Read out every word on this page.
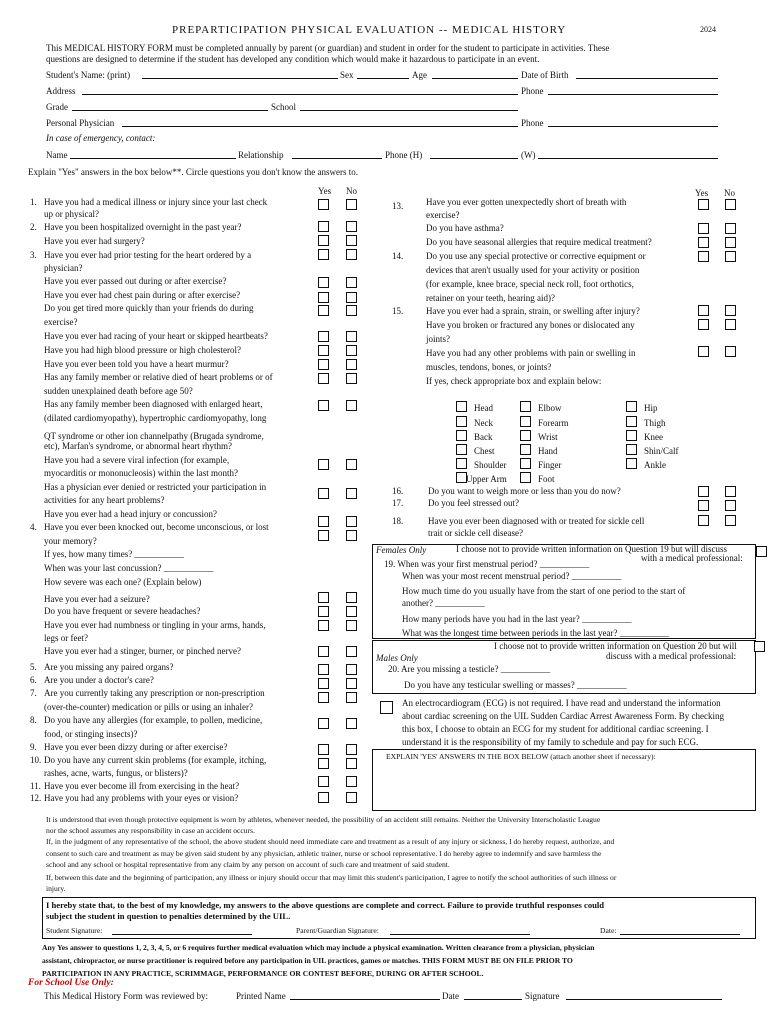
PREPARTICIPATION PHYSICAL EVALUATION -- MEDICAL HISTORY	2024
This MEDICAL HISTORY FORM must be completed annually by parent (or guardian) and student in order for the student to participate in activities. These
questions are designed to determine if the student has developed any condition which would make it hazardous to participate in an event.
Student's Name: (print)	Sex	Age	Date of Birth
Address	Phone
Grade	School
Personal Physician	Phone
In case of emergency, contact:
Name	Relationship	Phone (H)	(W)
Explain "Yes" answers in the box below**. Circle questions you don't know the answers to.
Yes No	Yes No
1. Have you had a medical illness or injury since your last check
up or physical?
2. Have you been hospitalized overnight in the past year?
Have you ever had surgery?
3. Have you ever had prior testing for the heart ordered by a
physician?
Have you ever passed out during or after exercise?
Have you ever had chest pain during or after exercise?
Do you get tired more quickly than your friends do during
exercise?
Have you ever had racing of your heart or skipped heartbeats?
Have you had high blood pressure or high cholesterol?
Have you ever been told you have a heart murmur?
Has any family member or relative died of heart problems or of
sudden unexplained death before age 50?
Has any family member been diagnosed with enlarged heart,
(dilated cardiomyopathy), hypertrophic cardiomyopathy, long
QT syndrome or other ion channelpathy (Brugada syndrome,
etc), Marfan's syndrome, or abnormal heart rhythm?
Have you had a severe viral infection (for example,
myocarditis or mononucleosis) within the last month?
Has a physician ever denied or restricted your participation in
activities for any heart problems?
Have you ever had a head injury or concussion?
4. Have you ever been knocked out, become unconscious, or lost
your memory?
If yes, how many times? ___________
When was your last concussion? ___________
How severe was each one? (Explain below)
Have you ever had a seizure?
Do you have frequent or severe headaches?
Have you ever had numbness or tingling in your arms, hands,
legs or feet?
Have you ever had a stinger, burner, or pinched nerve?
5. Are you missing any paired organs?
6. Are you under a doctor's care?
7. Are you currently taking any prescription or non-prescription
(over-the-counter) medication or pills or using an inhaler?
8. Do you have any allergies (for example, to pollen, medicine,
food, or stinging insects)?
9. Have you ever been dizzy during or after exercise?
10. Do you have any current skin problems (for example, itching,
rashes, acne, warts, fungus, or blisters)?
11. Have you ever become ill from exercising in the heat?
12. Have you had any problems with your eyes or vision?
13.	Have you ever gotten unexpectedly short of breath with
exercise?
Do you have asthma?
Do you have seasonal allergies that require medical treatment?
14.	Do you use any special protective or corrective equipment or
devices that aren't usually used for your activity or position
(for example, knee brace, special neck roll, foot orthotics,
retainer on your teeth, hearing aid)?
15.	Have you ever had a sprain, strain, or swelling after injury?
Have you broken or fractured any bones or dislocated any
joints?
Have you had any other problems with pain or swelling in
muscles, tendons, bones, or joints?
If yes, check appropriate box and explain below:
16.	Do you want to weigh more or less than you do now?
17.	Do you feel stressed out?
18.	Have you ever been diagnosed with or treated for sickle cell
trait or sickle cell disease?
Head	Elbow	Hip
Neck	Forearm	Thigh
Back	Wrist	Knee
Chest	Hand	Shin/Calf
Shoulder	Finger	Ankle
Upper Arm	Foot
Females Only	I choose not to provide written information on Question 19 but will discuss
with a medical professional:
19. When was your first menstrual period? ___________
When was your most recent menstrual period? ___________
How much time do you usually have from the start of one period to the start of
another? ___________
How many periods have you had in the last year? ___________
What was the longest time between periods in the last year? ___________
I choose not to provide written information on Question 20 but will
discuss with a medical professional:
Males Only
20. Are you missing a testicle? ___________
Do you have any testicular swelling or masses? ___________
An electrocardiogram (ECG) is not required. I have read and understand the information
about cardiac screening on the UIL Sudden Cardiac Arrest Awareness Form. By checking
this box, I choose to obtain an ECG for my student for additional cardiac screening. I
understand it is the responsibility of my family to schedule and pay for such ECG.
EXPLAIN 'YES' ANSWERS IN THE BOX BELOW (attach another sheet if necessary):
It is understood that even though protective equipment is worn by athletes, whenever needed, the possibility of an accident still remains. Neither the University Interscholastic League
nor the school assumes any responsibility in case an accident occurs.
If, in the judgment of any representative of the school, the above student should need immediate care and treatment as a result of any injury or sickness, I do hereby request, authorize, and
consent to such care and treatment as may be given said student by any physician, athletic trainer, nurse or school representative. I do hereby agree to indemnify and save harmless the
school and any school or hospital representative from any claim by any person on account of such care and treatment of said student.
If, between this date and the beginning of participation, any illness or injury should occur that may limit this student's participation, I agree to notify the school authorities of such illness or
injury.
I hereby state that, to the best of my knowledge, my answers to the above questions are complete and correct. Failure to provide truthful responses could
subject the student in question to penalties determined by the UIL.
Student Signature:	Parent/Guardian Signature:	Date:
Any Yes answer to questions 1, 2, 3, 4, 5, or 6 requires further medical evaluation which may include a physical examination. Written clearance from a physician, physician
assistant, chiropractor, or nurse practitioner is required before any participation in UIL practices, games or matches. THIS FORM MUST BE ON FILE PRIOR TO
PARTICIPATION IN ANY PRACTICE, SCRIMMAGE, PERFORMANCE OR CONTEST BEFORE, DURING OR AFTER SCHOOL.
For School Use Only:
This Medical History Form was reviewed by:	Printed Name	Date	Signature
